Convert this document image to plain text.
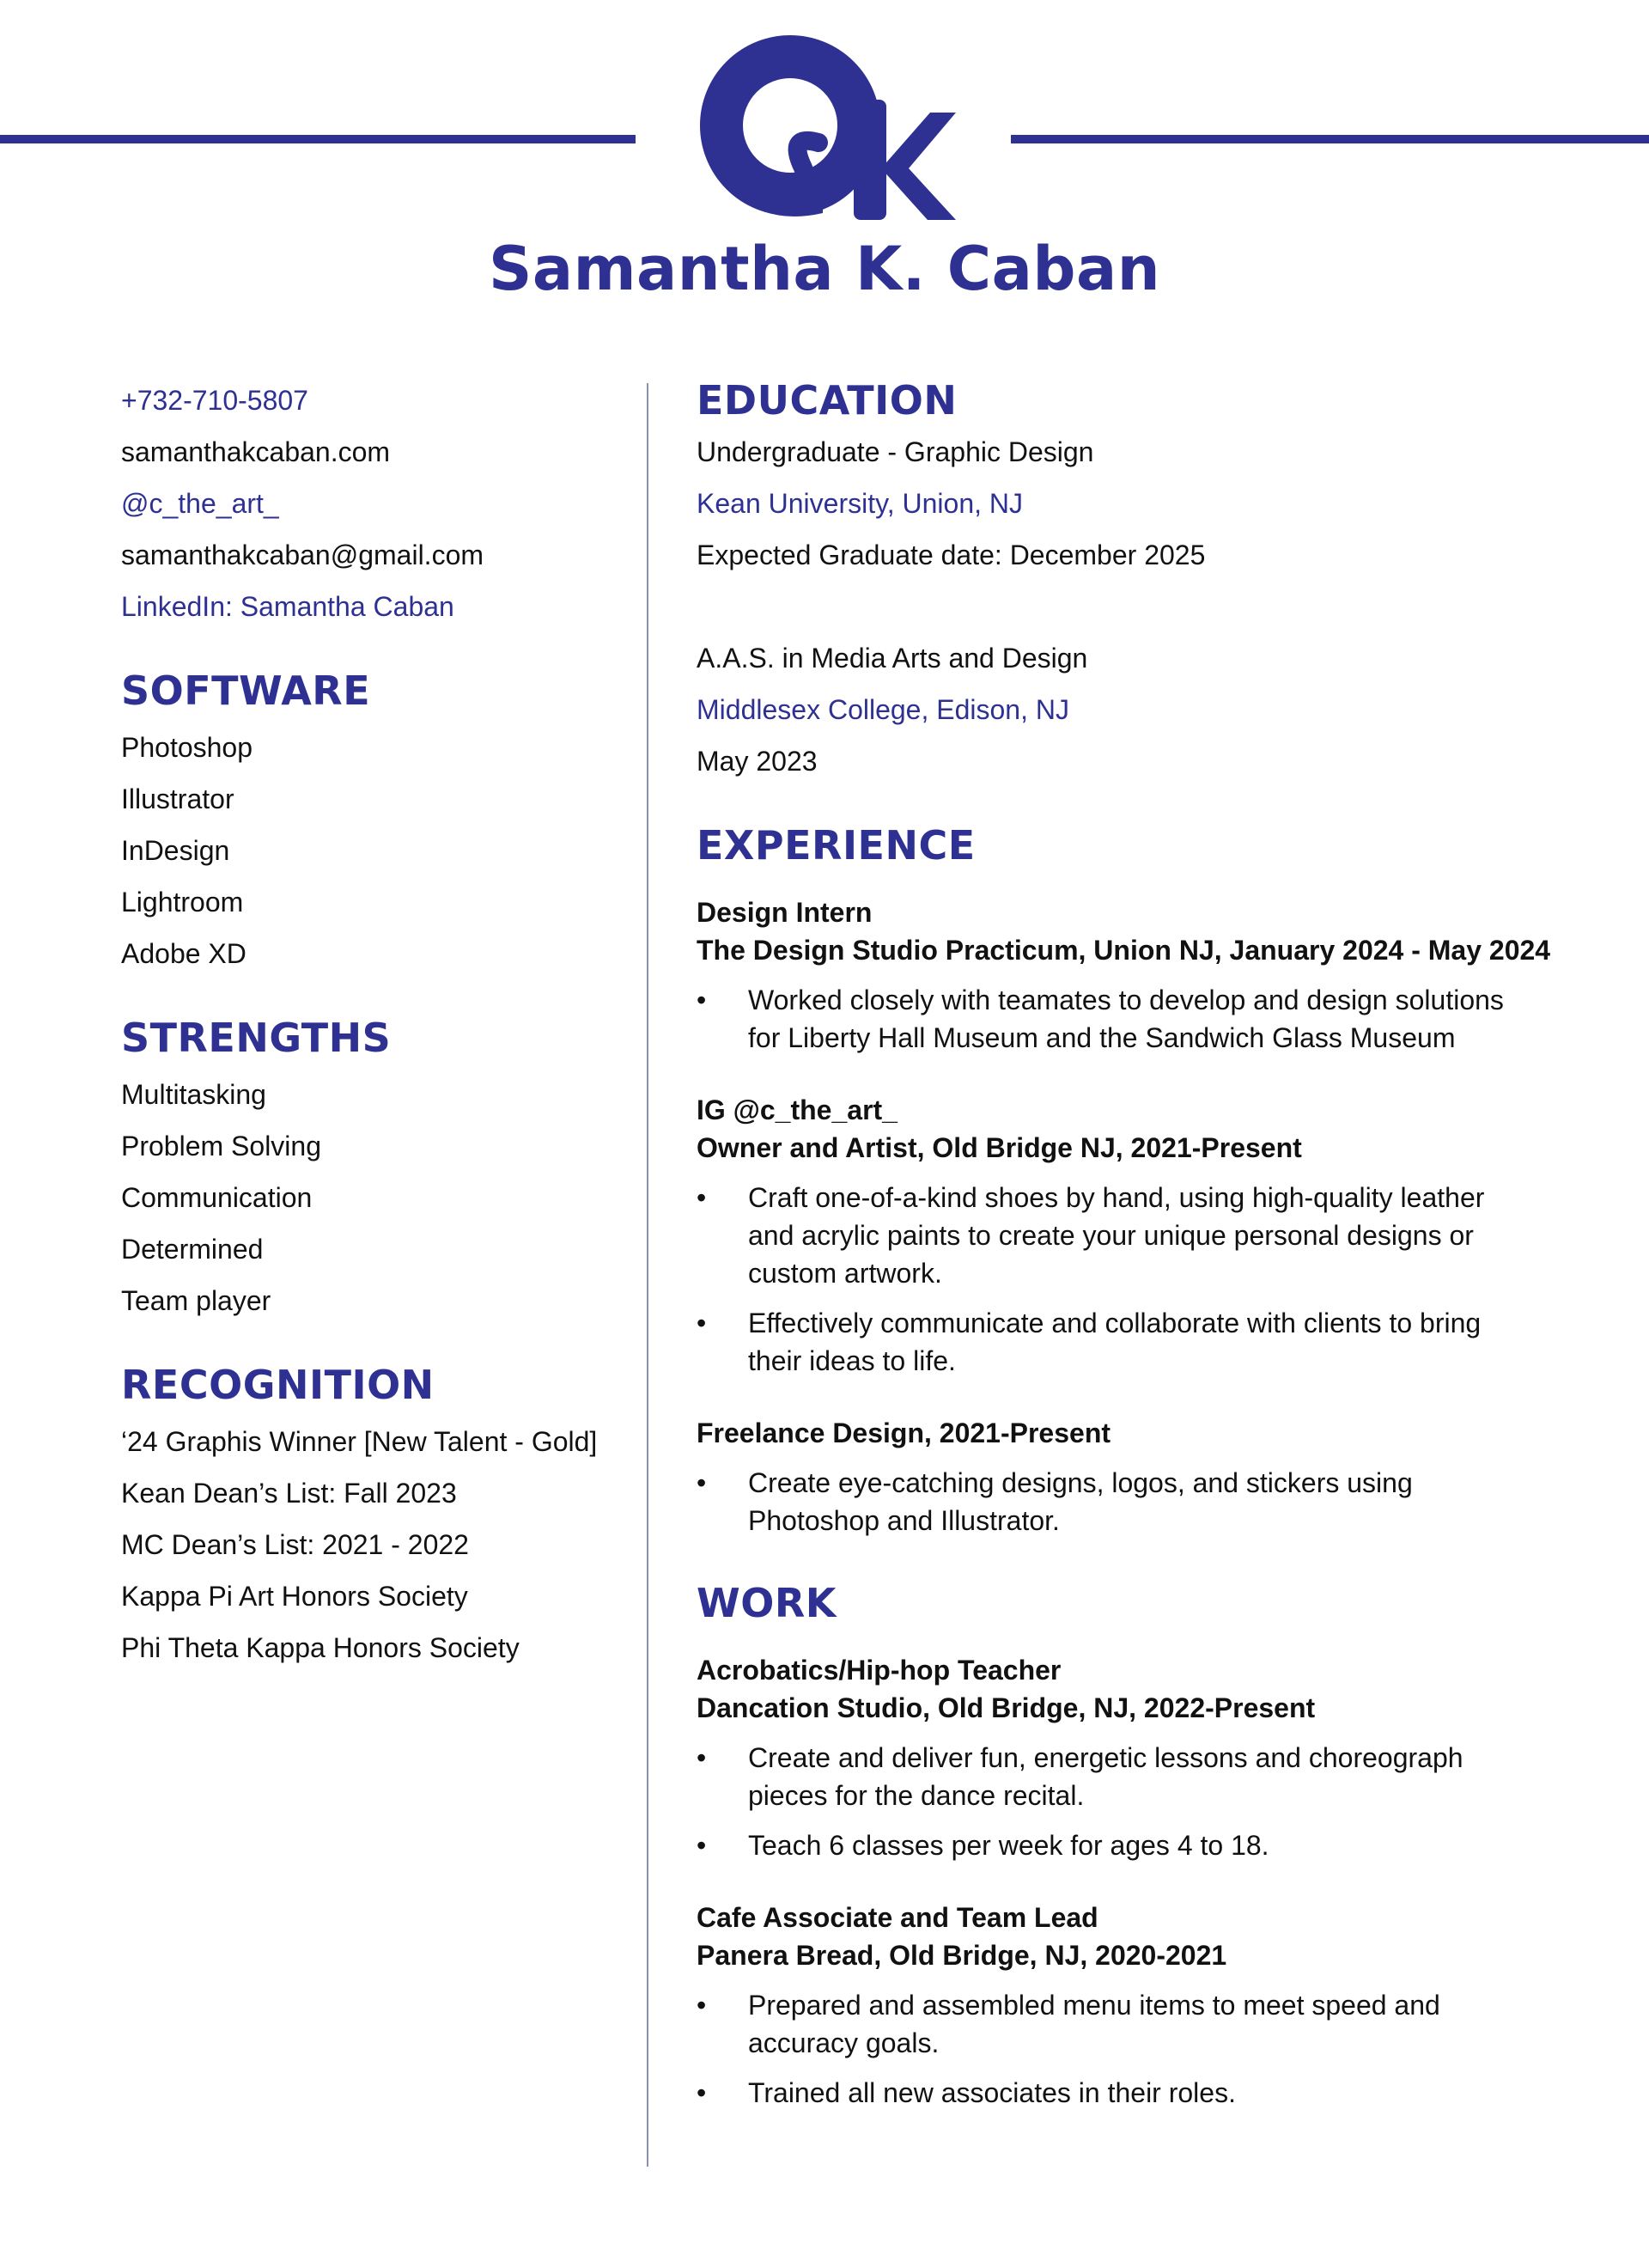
Samantha K. Caban
+732-710-5807
samanthakcaban.com
@c_the_art_
samanthakcaban@gmail.com
LinkedIn: Samantha Caban
SOFTWARE
Photoshop
Illustrator
InDesign
Lightroom
Adobe XD
STRENGTHS
Multitasking
Problem Solving
Communication
Determined
Team player
RECOGNITION
‘24 Graphis Winner [New Talent - Gold]
Kean Dean’s List: Fall 2023
MC Dean’s List: 2021 - 2022
Kappa Pi Art Honors Society
Phi Theta Kappa Honors Society
EDUCATION
Undergraduate - Graphic Design
Kean University, Union, NJ
Expected Graduate date: December 2025
A.A.S. in Media Arts and Design
Middlesex College, Edison, NJ
May 2023
EXPERIENCE
Design Intern
The Design Studio Practicum, Union NJ, January 2024 - May 2024
• Worked closely with teamates to develop and design solutions for Liberty Hall Museum and the Sandwich Glass Museum
IG @c_the_art_
Owner and Artist, Old Bridge NJ, 2021-Present
• Craft one-of-a-kind shoes by hand, using high-quality leather and acrylic paints to create your unique personal designs or custom artwork.
• Effectively communicate and collaborate with clients to bring their ideas to life.
Freelance Design, 2021-Present
• Create eye-catching designs, logos, and stickers using Photoshop and Illustrator.
WORK
Acrobatics/Hip-hop Teacher
Dancation Studio, Old Bridge, NJ, 2022-Present
• Create and deliver fun, energetic lessons and choreograph pieces for the dance recital.
• Teach 6 classes per week for ages 4 to 18.
Cafe Associate and Team Lead
Panera Bread, Old Bridge, NJ, 2020-2021
• Prepared and assembled menu items to meet speed and accuracy goals.
• Trained all new associates in their roles.
